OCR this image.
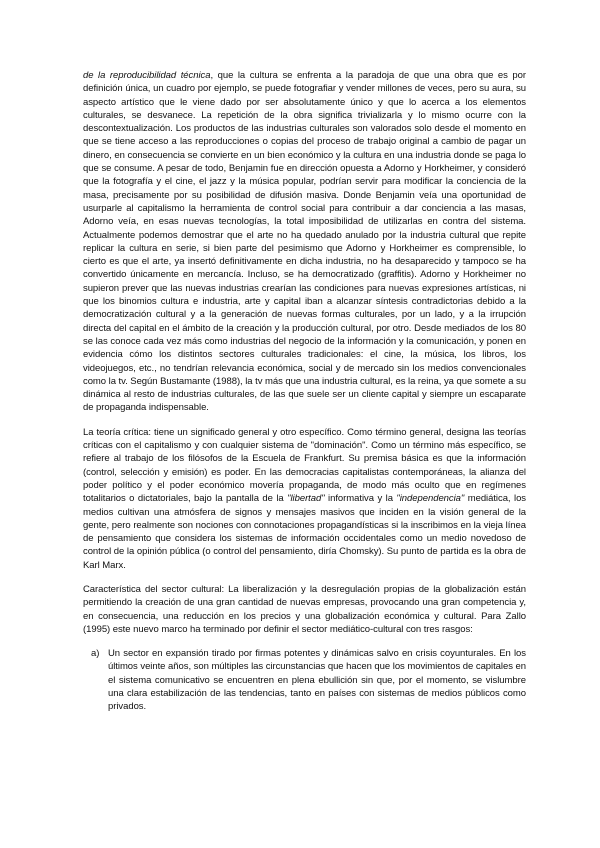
de la reproducibilidad técnica, que la cultura se enfrenta a la paradoja de que una obra que es por definición única, un cuadro por ejemplo, se puede fotografiar y vender millones de veces, pero su aura, su aspecto artístico que le viene dado por ser absolutamente único y que lo acerca a los elementos culturales, se desvanece. La repetición de la obra significa trivializarla y lo mismo ocurre con la descontextualización. Los productos de las industrias culturales son valorados solo desde el momento en que se tiene acceso a las reproducciones o copias del proceso de trabajo original a cambio de pagar un dinero, en consecuencia se convierte en un bien económico y la cultura en una industria donde se paga lo que se consume. A pesar de todo, Benjamin fue en dirección opuesta a Adorno y Horkheimer, y consideró que la fotografía y el cine, el jazz y la música popular, podrían servir para modificar la conciencia de la masa, precisamente por su posibilidad de difusión masiva. Donde Benjamin veía una oportunidad de usurparle al capitalismo la herramienta de control social para contribuir a dar conciencia a las masas, Adorno veía, en esas nuevas tecnologías, la total imposibilidad de utilizarlas en contra del sistema. Actualmente podemos demostrar que el arte no ha quedado anulado por la industria cultural que repite replicar la cultura en serie, si bien parte del pesimismo que Adorno y Horkheimer es comprensible, lo cierto es que el arte, ya insertó definitivamente en dicha industria, no ha desaparecido y tampoco se ha convertido únicamente en mercancía. Incluso, se ha democratizado (graffitis). Adorno y Horkheimer no supieron prever que las nuevas industrias crearían las condiciones para nuevas expresiones artísticas, ni que los binomios cultura e industria, arte y capital iban a alcanzar síntesis contradictorias debido a la democratización cultural y a la generación de nuevas formas culturales, por un lado, y a la irrupción directa del capital en el ámbito de la creación y la producción cultural, por otro. Desde mediados de los 80 se las conoce cada vez más como industrias del negocio de la información y la comunicación, y ponen en evidencia cómo los distintos sectores culturales tradicionales: el cine, la música, los libros, los videojuegos, etc., no tendrían relevancia económica, social y de mercado sin los medios convencionales como la tv. Según Bustamante (1988), la tv más que una industria cultural, es la reina, ya que somete a su dinámica al resto de industrias culturales, de las que suele ser un cliente capital y siempre un escaparate de propaganda indispensable.

La teoría crítica: tiene un significado general y otro específico. Como término general, designa las teorías críticas con el capitalismo y con cualquier sistema de "dominación". Como un término más específico, se refiere al trabajo de los filósofos de la Escuela de Frankfurt. Su premisa básica es que la información (control, selección y emisión) es poder. En las democracias capitalistas contemporáneas, la alianza del poder político y el poder económico movería propaganda, de modo más oculto que en regímenes totalitarios o dictatoriales, bajo la pantalla de la "libertad" informativa y la "independencia" mediática, los medios cultivan una atmósfera de signos y mensajes masivos que inciden en la visión general de la gente, pero realmente son nociones con connotaciones propagandísticas si la inscribimos en la vieja línea de pensamiento que considera los sistemas de información occidentales como un medio novedoso de control de la opinión pública (o control del pensamiento, diría Chomsky). Su punto de partida es la obra de Karl Marx.

Característica del sector cultural: La liberalización y la desregulación propias de la globalización están permitiendo la creación de una gran cantidad de nuevas empresas, provocando una gran competencia y, en consecuencia, una reducción en los precios y una globalización económica y cultural. Para Zallo (1995) este nuevo marco ha terminado por definir el sector mediático-cultural con tres rasgos:

a) Un sector en expansión tirado por firmas potentes y dinámicas salvo en crisis coyunturales. En los últimos veinte años, son múltiples las circunstancias que hacen que los movimientos de capitales en el sistema comunicativo se encuentren en plena ebullición sin que, por el momento, se vislumbre una clara estabilización de las tendencias, tanto en países con sistemas de medios públicos como privados.
